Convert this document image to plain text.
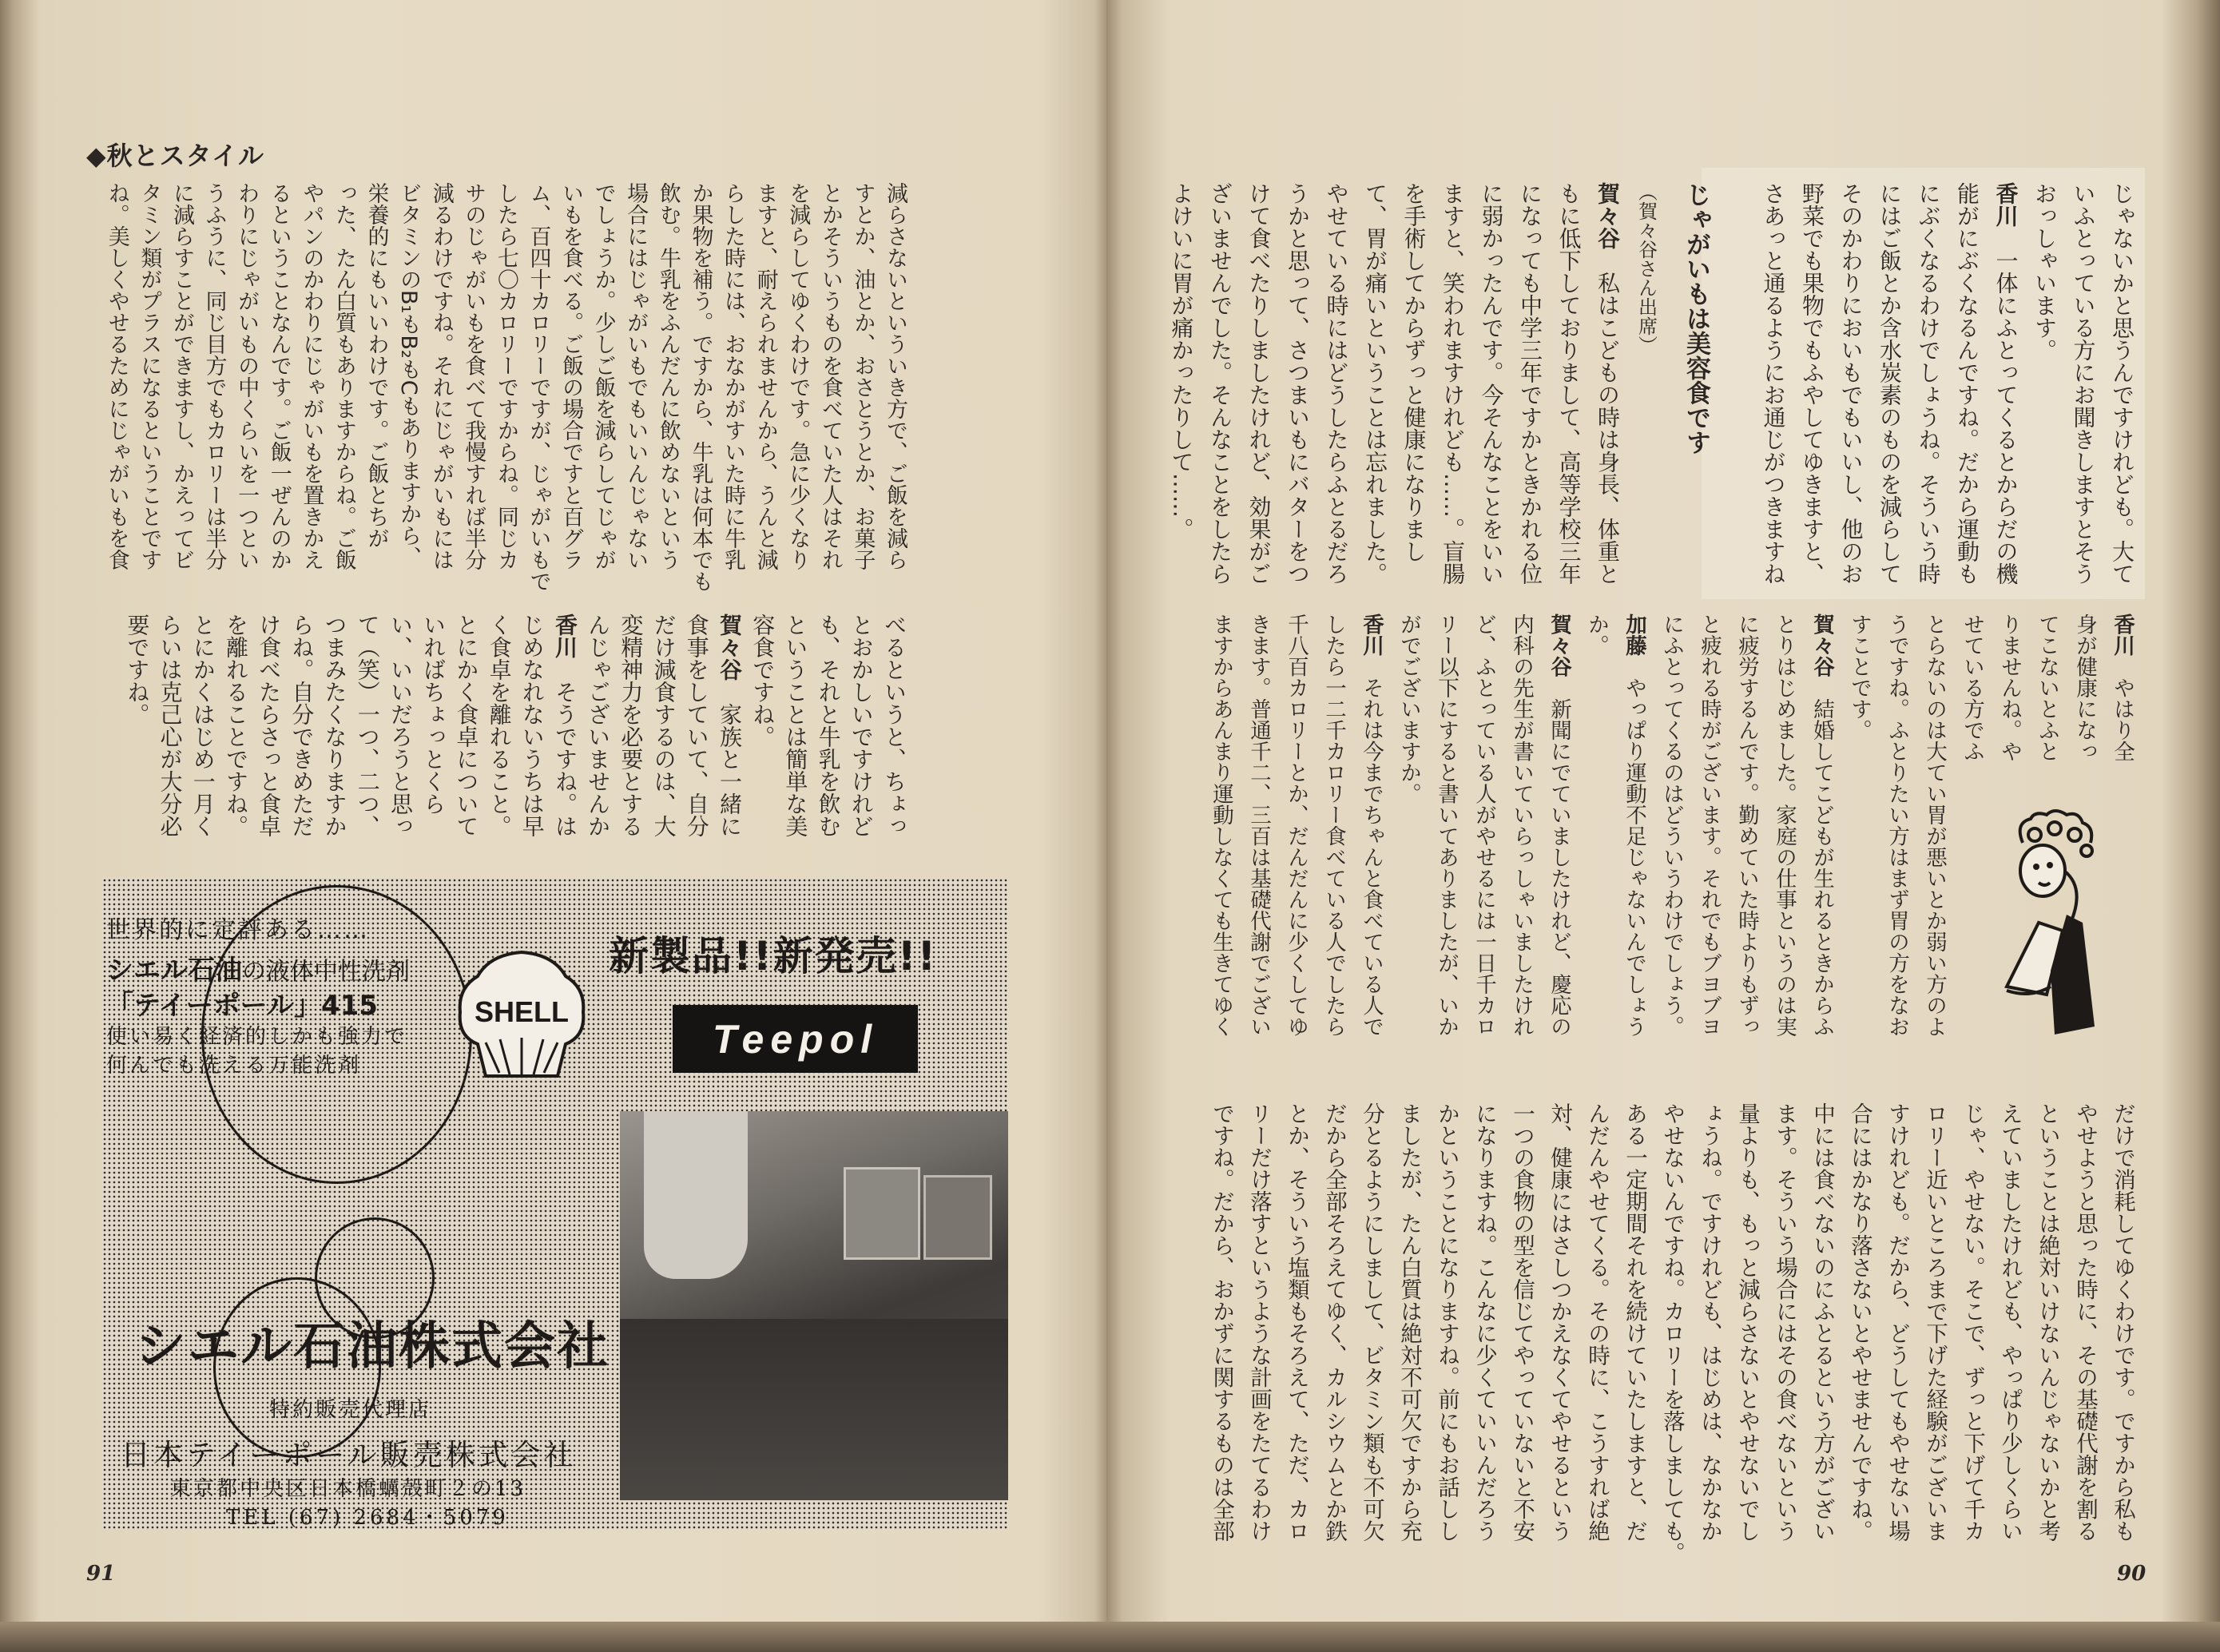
◆秋とスタイル
減らさないといういき方で、ご飯を減ら
すとか、油とか、おさとうとか、お菓子
とかそういうものを食べていた人はそれ
を減らしてゆくわけです。急に少くなり
ますと、耐えられませんから、うんと減
らした時には、おなかがすいた時に牛乳
か果物を補う。ですから、牛乳は何本でも
飲む。牛乳をふんだんに飲めないという
場合にはじゃがいもでもいいんじゃない
でしょうか。少しご飯を減らしてじゃが
いもを食べる。ご飯の場合ですと百グラ
ム、百四十カロリーですが、じゃがいもで
したら七〇カロリーですからね。同じカ
サのじゃがいもを食べて我慢すれば半分
減るわけですね。それにじゃがいもには
ビタミンのB₁もB₂もCもありますから、
栄養的にもいいわけです。ご飯とちが
った、たん白質もありますからね。ご飯
やパンのかわりにじゃがいもを置きかえ
るということなんです。ご飯一ぜんのか
わりにじゃがいもの中くらいを一つとい
うふうに、同じ目方でもカロリーは半分
に減らすことができますし、かえってビ
タミン類がプラスになるということです
ね。美しくやせるためにじゃがいもを食
べるというと、ちょっ
とおかしいですけれど
も、それと牛乳を飲む
ということは簡単な美
容食ですね。
賀々谷家族と一緒に
食事をしていて、自分
だけ減食するのは、大
変精神力を必要とする
んじゃございませんか
香川そうですね。は
じめなれないうちは早
く食卓を離れること。
とにかく食卓について
いればちょっとくら
い、いいだろうと思っ
て（笑）一つ、二つ、
つまみたくなりますか
らね。自分できめただ
け食べたらさっと食卓
を離れることですね。
とにかくはじめ一月く
らいは克己心が大分必
要ですね。
世界的に定評ある……
シエル石油の液体中性洗剤
「テイーポール」415
使い易く経済的しかも強力で
何んでも洗える万能洗剤
SHELL
新製品!!新発売!!
Teepol
シエル石油株式会社
特約販売代理店
日本テイーポール販売株式会社
東京都中央区日本橋蠣殻町２の13
TEL (67) 2684・5079
91
じゃないかと思うんですけれども。大て
いふとっている方にお聞きしますとそう
おっしゃいます。
香川一体にふとってくるとからだの機
能がにぶくなるんですね。だから運動も
にぶくなるわけでしょうね。そういう時
にはご飯とか含水炭素のものを減らして
そのかわりにおいもでもいいし、他のお
野菜でも果物でもふやしてゆきますと、
さあっと通るようにお通じがつきますね
じゃがいもは美容食です
（賀々谷さん出席）
賀々谷私はこどもの時は身長、体重と
もに低下しておりまして、高等学校三年
になっても中学三年ですかときかれる位
に弱かったんです。今そんなことをいい
ますと、笑われますけれども……。盲腸
を手術してからずっと健康になりまし
て、胃が痛いということは忘れました。
やせている時にはどうしたらふとるだろ
うかと思って、さつまいもにバターをつ
けて食べたりしましたけれど、効果がご
ざいませんでした。そんなことをしたら
よけいに胃が痛かったりして……。
香川やはり全
身が健康になっ
てこないとふと
りませんね。や
せている方でふ
とらないのは大てい胃が悪いとか弱い方のよ
うですね。ふとりたい方はまず胃の方をなお
すことです。
賀々谷結婚してこどもが生れるときからふ
とりはじめました。家庭の仕事というのは実
に疲労するんです。勤めていた時よりもずっ
と疲れる時がございます。それでもブヨブヨ
にふとってくるのはどういうわけでしょう。
加藤やっぱり運動不足じゃないんでしょう
か。
賀々谷新聞にでていましたけれど、慶応の
内科の先生が書いていらっしゃいましたけれ
ど、ふとっている人がやせるには一日千カロ
リー以下にすると書いてありましたが、いか
がでございますか。
香川それは今までちゃんと食べている人で
したら一二千カロリー食べている人でしたら
千八百カロリーとか、だんだんに少くしてゆ
きます。普通千二、三百は基礎代謝でござい
ますからあんまり運動しなくても生きてゆく
だけで消耗してゆくわけです。ですから私も
やせようと思った時に、その基礎代謝を割る
ということは絶対いけないんじゃないかと考
えていましたけれども、やっぱり少しくらい
じゃ、やせない。そこで、ずっと下げて千カ
ロリー近いところまで下げた経験がございま
すけれども。だから、どうしてもやせない場
合にはかなり落さないとやせませんですね。
中には食べないのにふとるという方がござい
ます。そういう場合にはその食べないという
量よりも、もっと減らさないとやせないでし
ょうね。ですけれども、はじめは、なかなか
やせないんですね。カロリーを落しましても。
ある一定期間それを続けていたしますと、だ
んだんやせてくる。その時に、こうすれば絶
対、健康にはさしつかえなくてやせるという
一つの食物の型を信じてやっていないと不安
になりますね。こんなに少くていいんだろう
かということになりますね。前にもお話しし
ましたが、たん白質は絶対不可欠ですから充
分とるようにしまして、ビタミン類も不可欠
だから全部そろえてゆく、カルシウムとか鉄
とか、そういう塩類もそろえて、ただ、カロ
リーだけ落すというような計画をたてるわけ
ですね。だから、おかずに関するものは全部
90
